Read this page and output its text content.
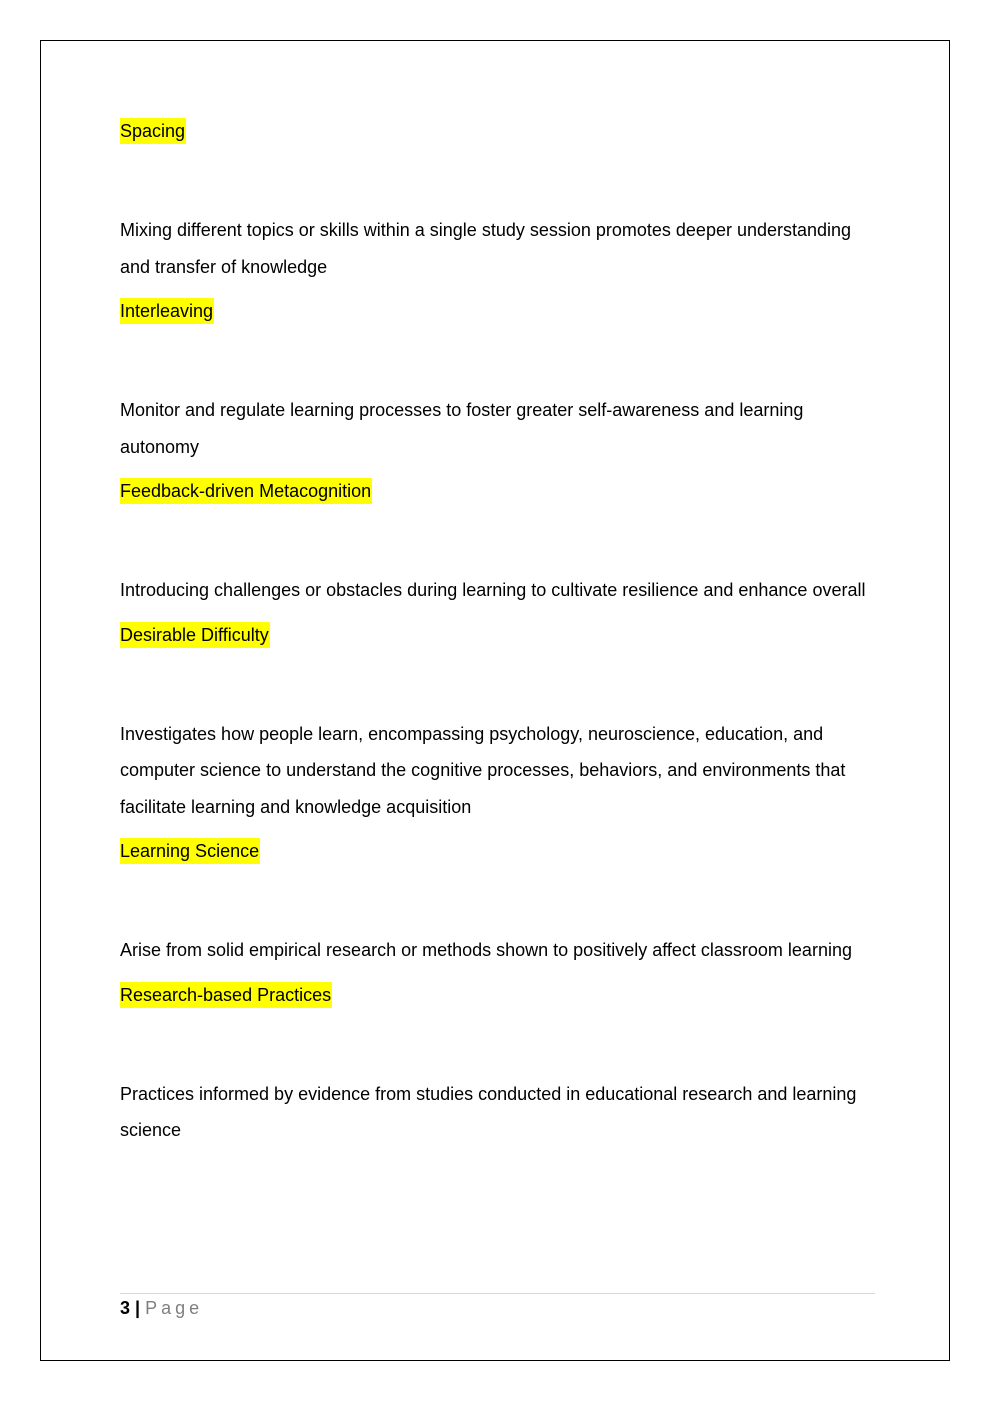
Spacing

Mixing different topics or skills within a single study session promotes deeper understanding and transfer of knowledge

Interleaving

Monitor and regulate learning processes to foster greater self-awareness and learning autonomy

Feedback-driven Metacognition

Introducing challenges or obstacles during learning to cultivate resilience and enhance overall

Desirable Difficulty

Investigates how people learn, encompassing psychology, neuroscience, education, and computer science to understand the cognitive processes, behaviors, and environments that facilitate learning and knowledge acquisition

Learning Science

Arise from solid empirical research or methods shown to positively affect classroom learning

Research-based Practices

Practices informed by evidence from studies conducted in educational research and learning science

3 | Page
